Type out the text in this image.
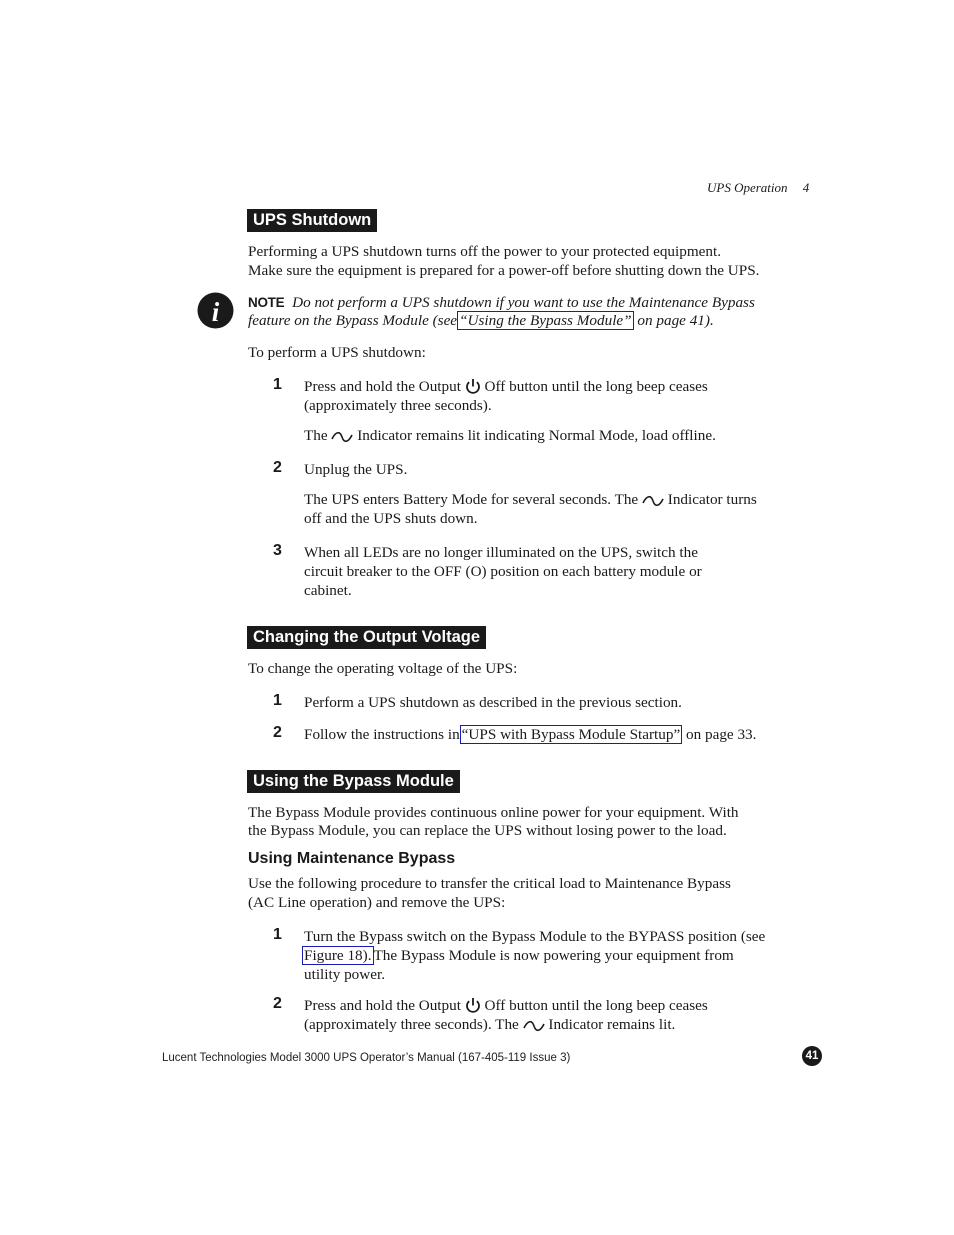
UPS Operation 4
UPS Shutdown
Performing a UPS shutdown turns off the power to your protected equipment.
Make sure the equipment is prepared for a power-off before shutting down the UPS.
i NOTE Do not perform a UPS shutdown if you want to use the Maintenance Bypass
feature on the Bypass Module (see “Using the Bypass Module” on page 41).
To perform a UPS shutdown:
1 Press and hold the Output Off button until the long beep ceases
(approximately three seconds).
The Indicator remains lit indicating Normal Mode, load offline.
2 Unplug the UPS.
The UPS enters Battery Mode for several seconds. The Indicator turns
off and the UPS shuts down.
3 When all LEDs are no longer illuminated on the UPS, switch the
circuit breaker to the OFF (O) position on each battery module or
cabinet.
Changing the Output Voltage
To change the operating voltage of the UPS:
1 Perform a UPS shutdown as described in the previous section.
2 Follow the instructions in “UPS with Bypass Module Startup” on page 33.
Using the Bypass Module
The Bypass Module provides continuous online power for your equipment. With
the Bypass Module, you can replace the UPS without losing power to the load.
Using Maintenance Bypass
Use the following procedure to transfer the critical load to Maintenance Bypass
(AC Line operation) and remove the UPS:
1 Turn the Bypass switch on the Bypass Module to the BYPASS position (see
Figure 18). The Bypass Module is now powering your equipment from
utility power.
2 Press and hold the Output Off button until the long beep ceases
(approximately three seconds). The Indicator remains lit.
Lucent Technologies Model 3000 UPS Operator’s Manual (167-405-119 Issue 3)	41
